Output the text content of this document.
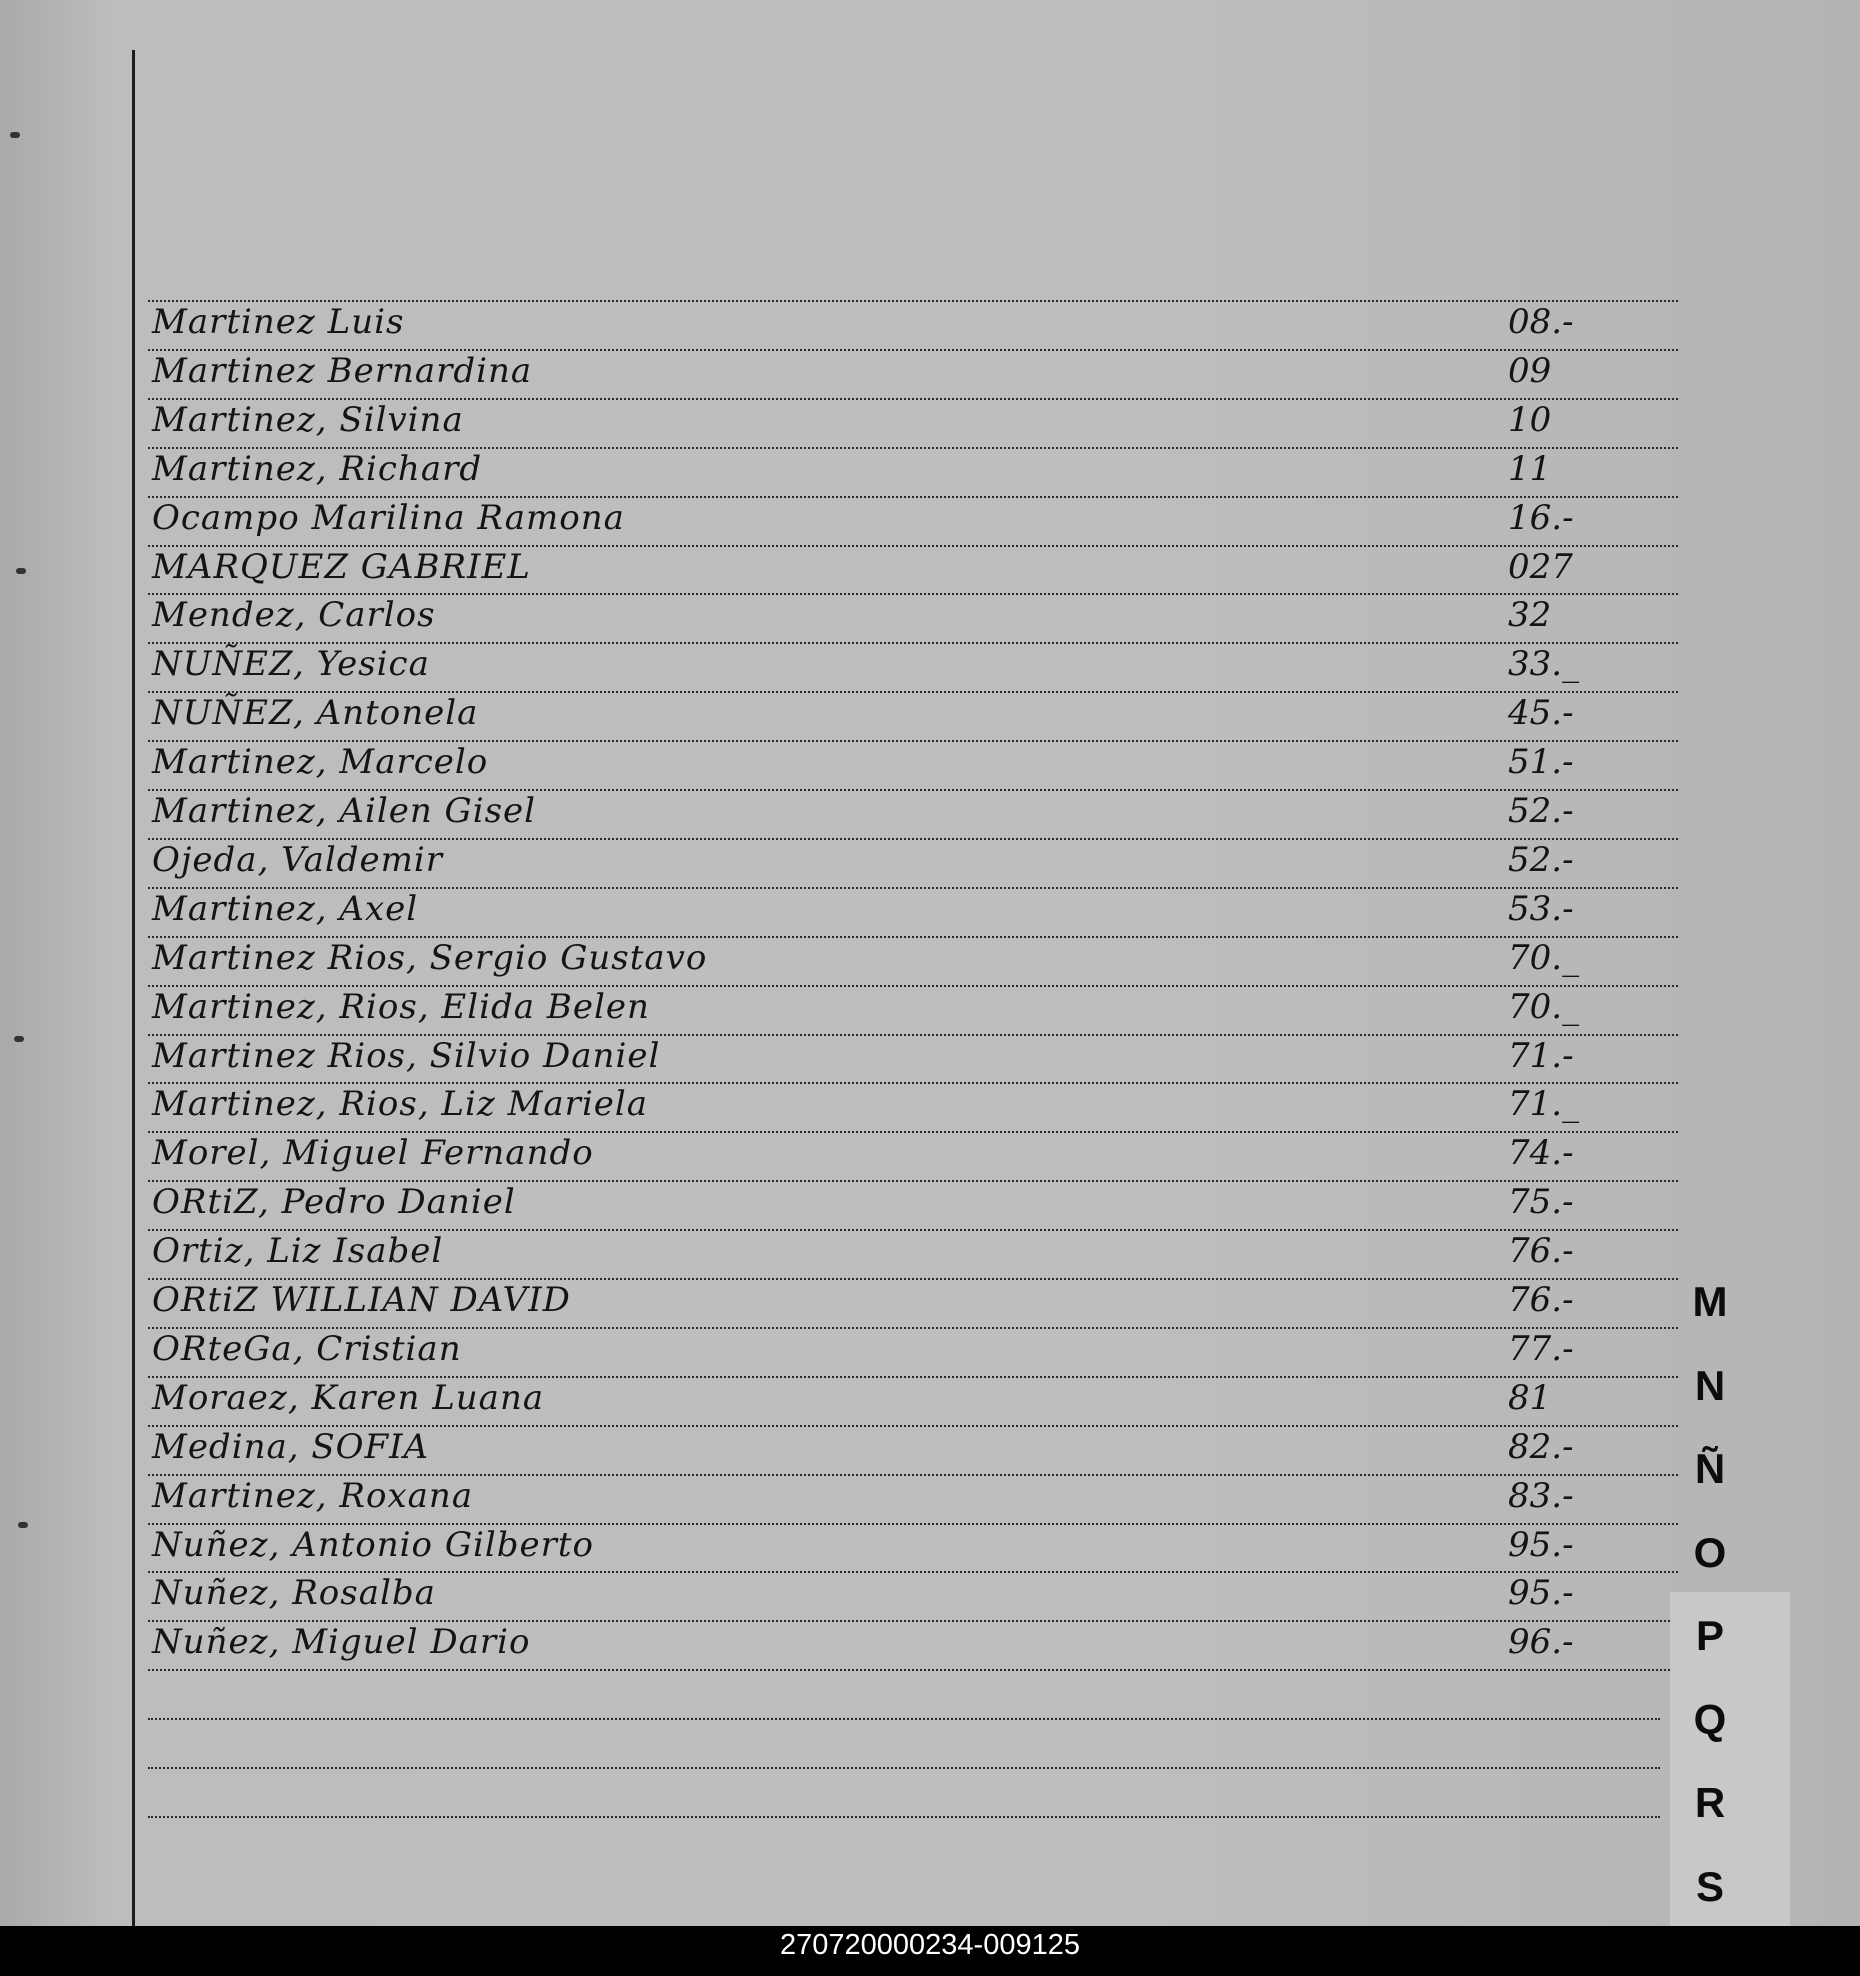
Martinez Luis	08.-
Martinez Bernardina	09
Martinez, Silvina	10
Martinez, Richard	11
Ocampo Marilina Ramona	16.-
MARQUEZ GABRIEL	027
Mendez, Carlos	32
NUÑEZ, Yesica	33._
NUÑEZ, Antonela	45.-
Martinez, Marcelo	51.-
Martinez, Ailen Gisel	52.-
Ojeda, Valdemir	52.-
Martinez, Axel	53.-
Martinez Rios, Sergio Gustavo	70._
Martinez, Rios, Elida Belen	70._
Martinez Rios, Silvio Daniel	71.-
Martinez, Rios, Liz Mariela	71._
Morel, Miguel Fernando	74.-
ORtiZ, Pedro Daniel	75.-
Ortiz, Liz Isabel	76.-
ORtiZ WILLIAN DAVID	76.-
ORteGa, Cristian	77.-
Moraez, Karen Luana	81
Medina, SOFIA	82.-
Martinez, Roxana	83.-
Nuñez, Antonio Gilberto	95.-
Nuñez, Rosalba	95.-
Nuñez, Miguel Dario	96.-
M
N
Ñ
O
P
Q
R
S
270720000234-009125
